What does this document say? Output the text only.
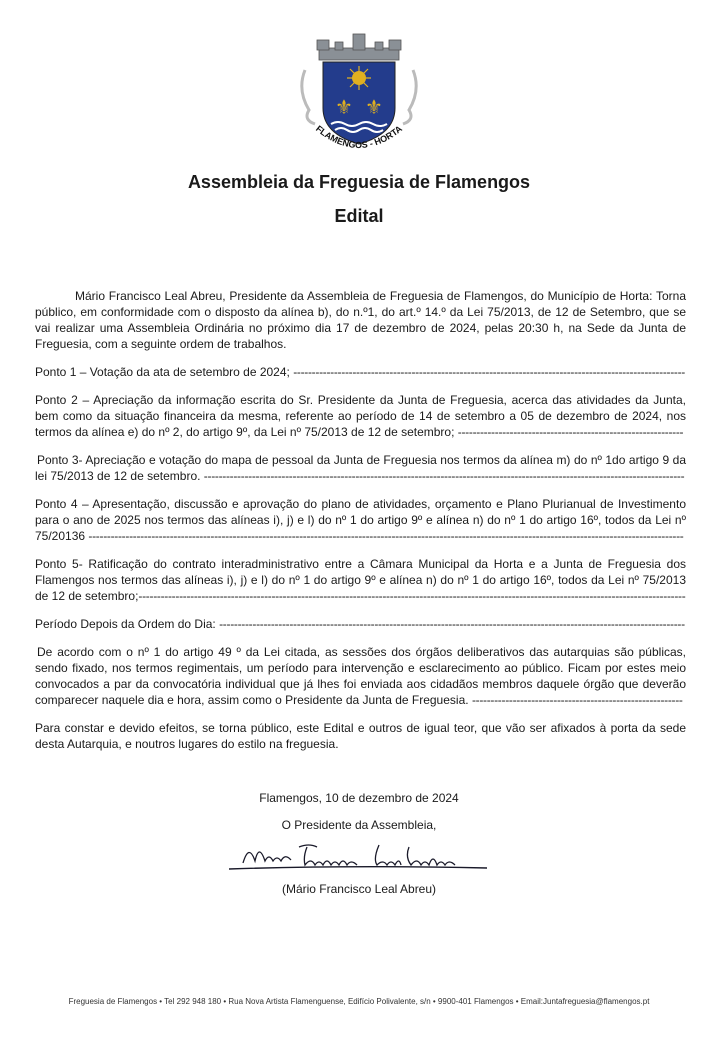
⚜ ⚜
FLAMENGOS - HORTA
Assembleia da Freguesia de Flamengos
Edital

Mário Francisco Leal Abreu, Presidente da Assembleia de Freguesia de Flamengos, do Município de Horta: Torna público, em conformidade com o disposto da alínea b), do n.º1, do art.º 14.º da Lei 75/2013, de 12 de Setembro, que se vai realizar uma Assembleia Ordinária no próximo dia 17 de dezembro de 2024, pelas 20:30 h, na Sede da Junta de Freguesia, com a seguinte ordem de trabalhos.

Ponto 1 – Votação da ata de setembro de 2024; ----------------------------------------------------------------------------------------------------------

Ponto 2 – Apreciação da informação escrita do Sr. Presidente da Junta de Freguesia, acerca das atividades da Junta, bem como da situação financeira da mesma, referente ao período de 14 de setembro a 05 de dezembro de 2024, nos termos da alínea e) do nº 2, do artigo 9º, da Lei nº 75/2013 de 12 de setembro; -------------------------------------------------------------

Ponto 3- Apreciação e votação do mapa de pessoal da Junta de Freguesia nos termos da alínea m) do nº 1do artigo 9 da lei 75/2013 de 12 de setembro. ----------------------------------------------------------------------------------------------------------------------------------

Ponto 4 – Apresentação, discussão e aprovação do plano de atividades, orçamento e Plano Plurianual de Investimento para o ano de 2025 nos termos das alíneas i), j) e l) do nº 1 do artigo 9º e alínea n) do nº 1 do artigo 16º, todos da Lei nº 75/20136 -----------------------------------------------------------------------------------------------------------------------------------------------------------------

Ponto 5- Ratificação do contrato interadministrativo entre a Câmara Municipal da Horta e a Junta de Freguesia dos Flamengos nos termos das alíneas i), j) e l) do nº 1 do artigo 9º e alínea n) do nº 1 do artigo 16º, todos da Lei nº 75/2013 de 12 de setembro;----------------------------------------------------------------------------------------------------------------------------------------------------

Período Depois da Ordem do Dia: ------------------------------------------------------------------------------------------------------------------------------

De acordo com o nº 1 do artigo 49 º da Lei citada, as sessões dos órgãos deliberativos das autarquias são públicas, sendo fixado, nos termos regimentais, um período para intervenção e esclarecimento ao público. Ficam por estes meio convocados a par da convocatória individual que já lhes foi enviada aos cidadãos membros daquele órgão que deverão comparecer naquele dia e hora, assim como o Presidente da Junta de Freguesia. ---------------------------------------------------------

Para constar e devido efeitos, se torna público, este Edital e outros de igual teor, que vão ser afixados à porta da sede desta Autarquia, e noutros lugares do estilo na freguesia.

Flamengos, 10 de dezembro de 2024
O Presidente da Assembleia,
(Mário Francisco Leal Abreu)
Freguesia de Flamengos • Tel 292 948 180 • Rua Nova Artista Flamenguense, Edifício Polivalente, s/n • 9900-401 Flamengos • Email:Juntafreguesia@flamengos.pt
